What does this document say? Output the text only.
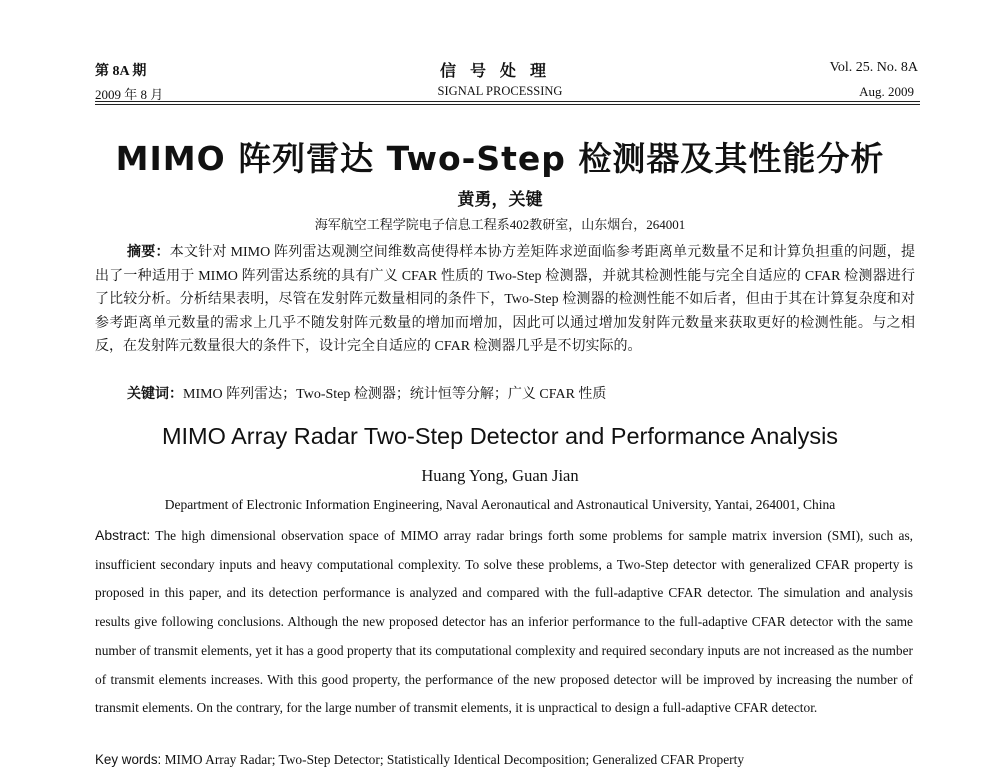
第 8A 期	信号处理	Vol. 25. No. 8A
2009 年 8 月	SIGNAL PROCESSING	Aug. 2009
MIMO 阵列雷达 Two-Step 检测器及其性能分析
黄勇，关键
海军航空工程学院电子信息工程系402教研室，山东烟台，264001
摘要：本文针对 MIMO 阵列雷达观测空间维数高使得样本协方差矩阵求逆面临参考距离单元数量不足和计算负担重的问题，提出了一种适用于 MIMO 阵列雷达系统的具有广义 CFAR 性质的 Two-Step 检测器，并就其检测性能与完全自适应的 CFAR 检测器进行了比较分析。分析结果表明，尽管在发射阵元数量相同的条件下，Two-Step 检测器的检测性能不如后者，但由于其在计算复杂度和对参考距离单元数量的需求上几乎不随发射阵元数量的增加而增加，因此可以通过增加发射阵元数量来获取更好的检测性能。与之相反，在发射阵元数量很大的条件下，设计完全自适应的 CFAR 检测器几乎是不切实际的。
关键词：MIMO 阵列雷达；Two-Step 检测器；统计恒等分解；广义 CFAR 性质
MIMO Array Radar Two-Step Detector and Performance Analysis
Huang Yong, Guan Jian
Department of Electronic Information Engineering, Naval Aeronautical and Astronautical University, Yantai, 264001, China
Abstract: The high dimensional observation space of MIMO array radar brings forth some problems for sample matrix inversion (SMI), such as, insufficient secondary inputs and heavy computational complexity. To solve these problems, a Two-Step detector with generalized CFAR property is proposed in this paper, and its detection performance is analyzed and compared with the full-adaptive CFAR detector. The simulation and analysis results give following conclusions. Although the new proposed detector has an inferior performance to the full-adaptive CFAR detector with the same number of transmit elements, yet it has a good property that its computational complexity and required secondary inputs are not increased as the number of transmit elements increases. With this good property, the performance of the new proposed detector will be improved by increasing the number of transmit elements. On the contrary, for the large number of transmit elements, it is unpractical to design a full-adaptive CFAR detector.
Key words: MIMO Array Radar; Two-Step Detector; Statistically Identical Decomposition; Generalized CFAR Property
